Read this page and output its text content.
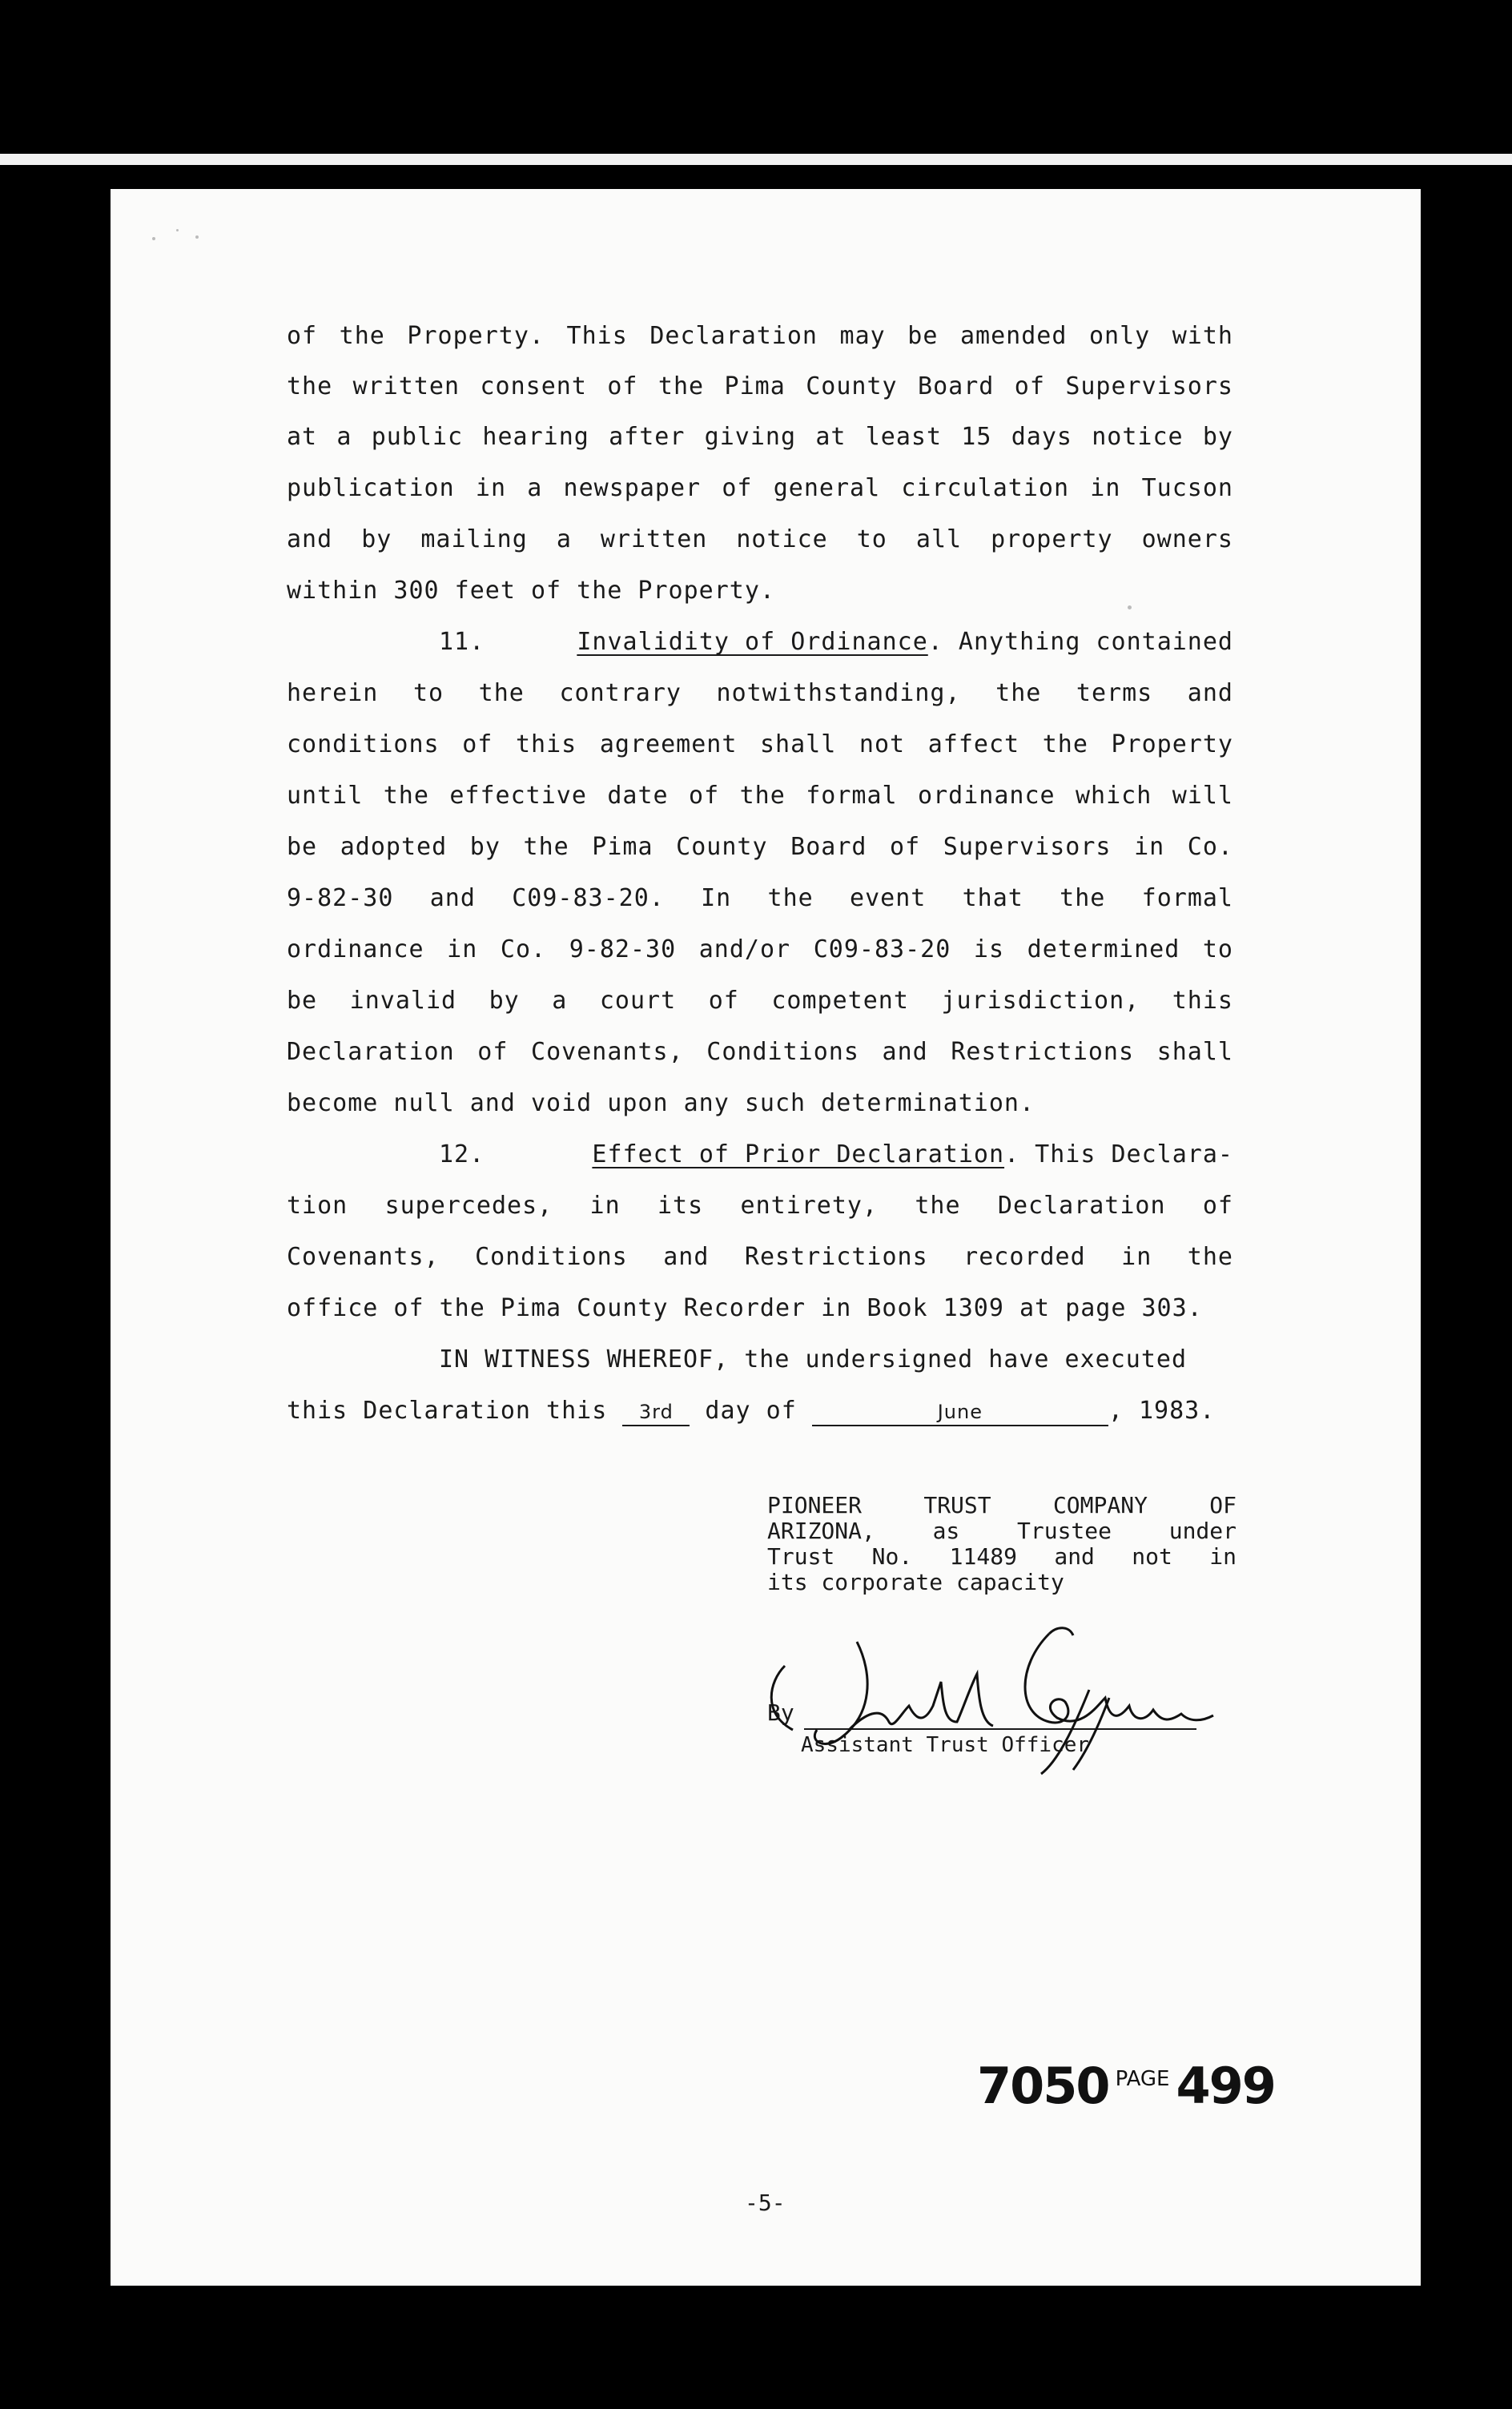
of the Property. This Declaration may be amended only with
the written consent of the Pima County Board of Supervisors
at a public hearing after giving at least 15 days notice by
publication in a newspaper of general circulation in Tucson
and by mailing a written notice to all property owners
within 300 feet of the Property.
11.	Invalidity of Ordinance. Anything contained
herein to the contrary notwithstanding, the terms and
conditions of this agreement shall not affect the Property
until the effective date of the formal ordinance which will
be adopted by the Pima County Board of Supervisors in Co.
9-82-30 and C09-83-20. In the event that the formal
ordinance in Co. 9-82-30 and/or C09-83-20 is determined to
be invalid by a court of competent jurisdiction, this
Declaration of Covenants, Conditions and Restrictions shall
become null and void upon any such determination.
12.	Effect of Prior Declaration. This Declara-
tion supercedes, in its entirety, the Declaration of
Covenants, Conditions and Restrictions recorded in the
office of the Pima County Recorder in Book 1309 at page 303.
IN WITNESS WHEREOF, the undersigned have executed
this Declaration this 3rd day of	June	, 1983.
PIONEER TRUST COMPANY OF
ARIZONA, as Trustee under
Trust No. 11489 and not in
its corporate capacity
By
Assistant Trust Officer
7050 $^{PAGE}$ 499
-5-
